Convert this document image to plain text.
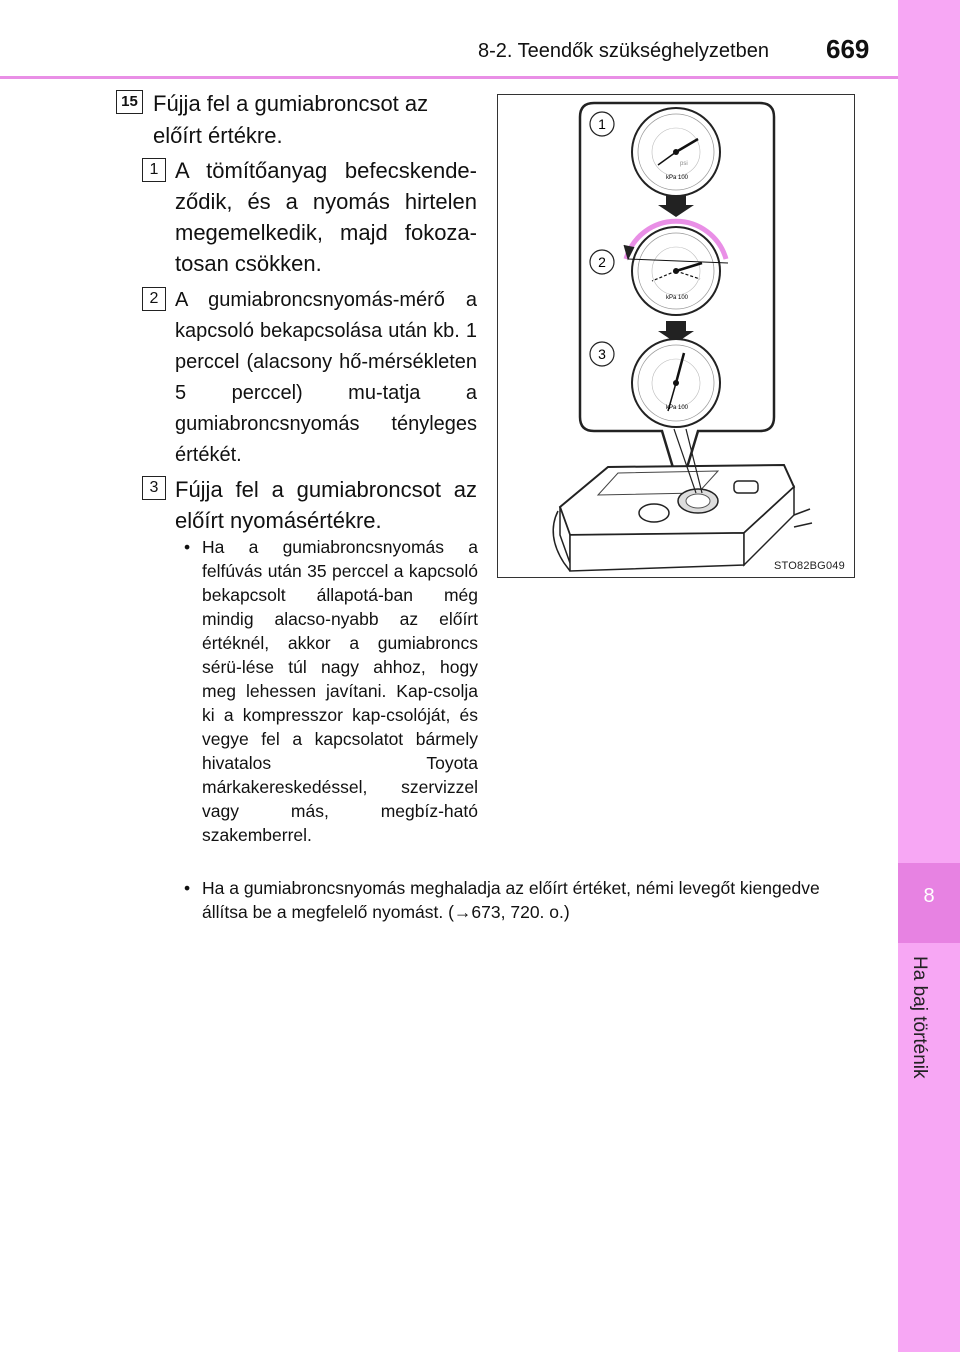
8-2. Teendők szükséghelyzetben 669
8
Ha baj történik
15 Fújja fel a gumiabroncsot az előírt értékre.
1 A tömítőanyag befecskende-ződik, és a nyomás hirtelen megemelkedik, majd fokoza-tosan csökken.
2 A gumiabroncsnyomás-mérő a kapcsoló bekapcsolása után kb. 1 perccel (alacsony hő-mérsékleten 5 perccel) mu-tatja a gumiabroncsnyomás tényleges értékét.
3 Fújja fel a gumiabroncsot az előírt nyomásértékre.
• Ha a gumiabroncsnyomás a felfúvás után 35 perccel a kapcsoló bekapcsolt állapotá-ban még mindig alacso-nyabb az előírt értéknél, akkor a gumiabroncs sérü-lése túl nagy ahhoz, hogy meg lehessen javítani. Kap-csolja ki a kompresszor kap-csolóját, és vegye fel a kapcsolatot bármely hivatalos Toyota márkakereskedéssel, szervizzel vagy más, megbíz-ható szakemberrel.
• Ha a gumiabroncsnyomás meghaladja az előírt értéket, némi levegőt kiengedve állítsa be a megfelelő nyomást. (→673, 720. o.)
1
2
3
kPa 100
psi
kPa 100
kPa 100
STO82BG049
